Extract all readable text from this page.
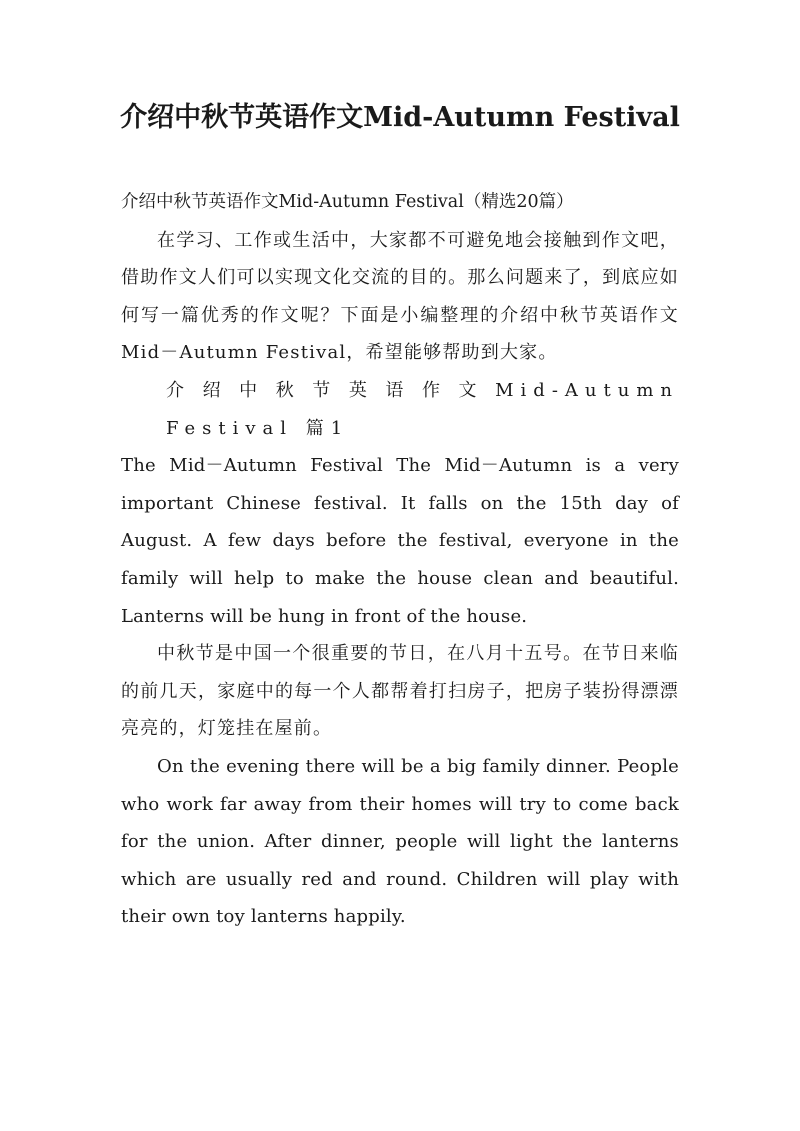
介绍中秋节英语作文Mid-Autumn Festival

介绍中秋节英语作文Mid-Autumn Festival（精选20篇）

在学习、工作或生活中，大家都不可避免地会接触到作文吧，借助作文人们可以实现文化交流的目的。那么问题来了，到底应如何写一篇优秀的作文呢？下面是小编整理的介绍中秋节英语作文 Mid－Autumn Festival，希望能够帮助到大家。

介绍中秋节英语作文Mid-Autumn Festival 篇1

The Mid－Autumn Festival The Mid－Autumn is a very important Chinese festival. It falls on the 15th day of August. A few days before the festival, everyone in the family will help to make the house clean and beautiful. Lanterns will be hung in front of the house.

中秋节是中国一个很重要的节日，在八月十五号。在节日来临的前几天，家庭中的每一个人都帮着打扫房子，把房子装扮得漂漂亮亮的，灯笼挂在屋前。

On the evening there will be a big family dinner. People who work far away from their homes will try to come back for the union. After dinner, people will light the lanterns which are usually red and round. Children will play with their own toy lanterns happily.
